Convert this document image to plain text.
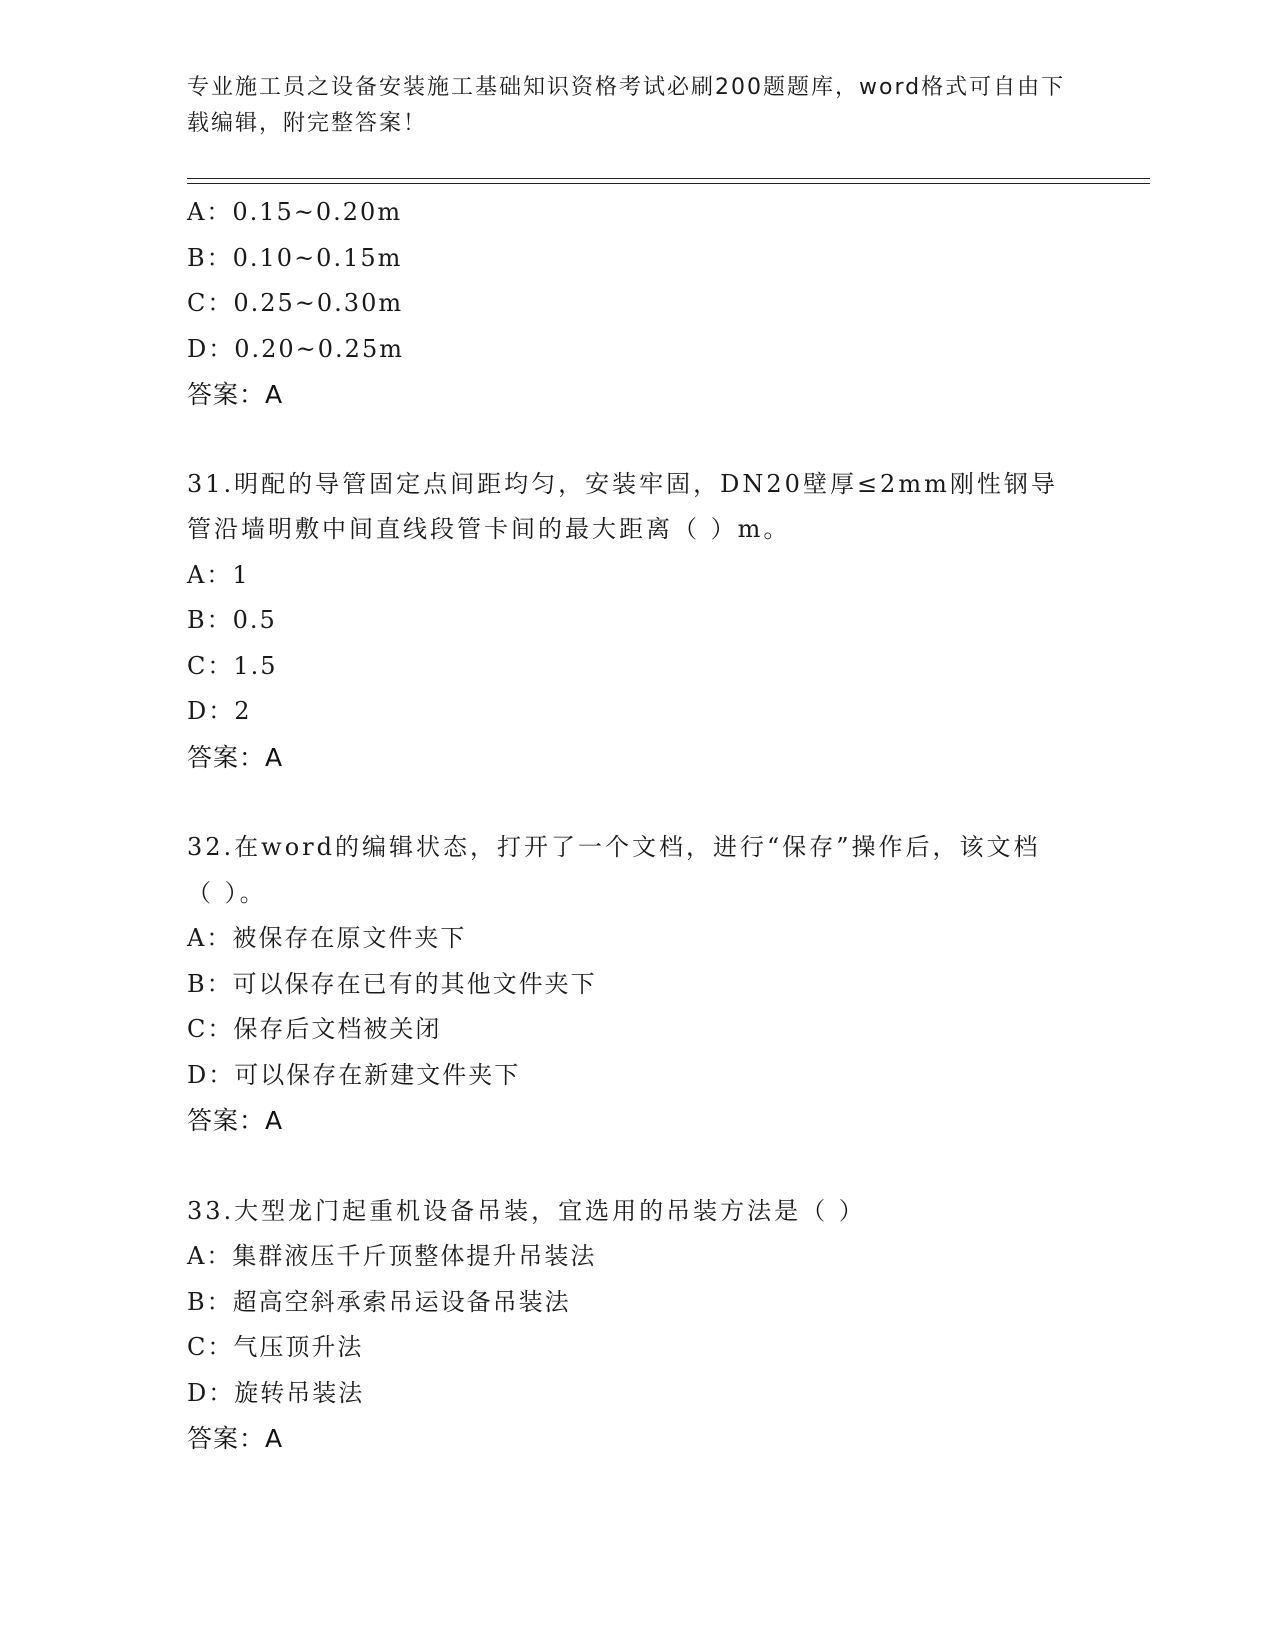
专业施工员之设备安装施工基础知识资格考试必刷200题题库，word格式可自由下载编辑，附完整答案！
A：0.15~0.20m
B：0.10~0.15m
C：0.25~0.30m
D：0.20~0.25m
答案：A
31.明配的导管固定点间距均匀，安装牢固，DN20壁厚≤2mm刚性钢导管沿墙明敷中间直线段管卡间的最大距离（ ）m。
A：1
B：0.5
C：1.5
D：2
答案：A
32.在word的编辑状态，打开了一个文档，进行“保存”操作后，该文档（ ）。
A：被保存在原文件夹下
B：可以保存在已有的其他文件夹下
C：保存后文档被关闭
D：可以保存在新建文件夹下
答案：A
33.大型龙门起重机设备吊装，宜选用的吊装方法是（ ）
A：集群液压千斤顶整体提升吊装法
B：超高空斜承索吊运设备吊装法
C：气压顶升法
D：旋转吊装法
答案：A
